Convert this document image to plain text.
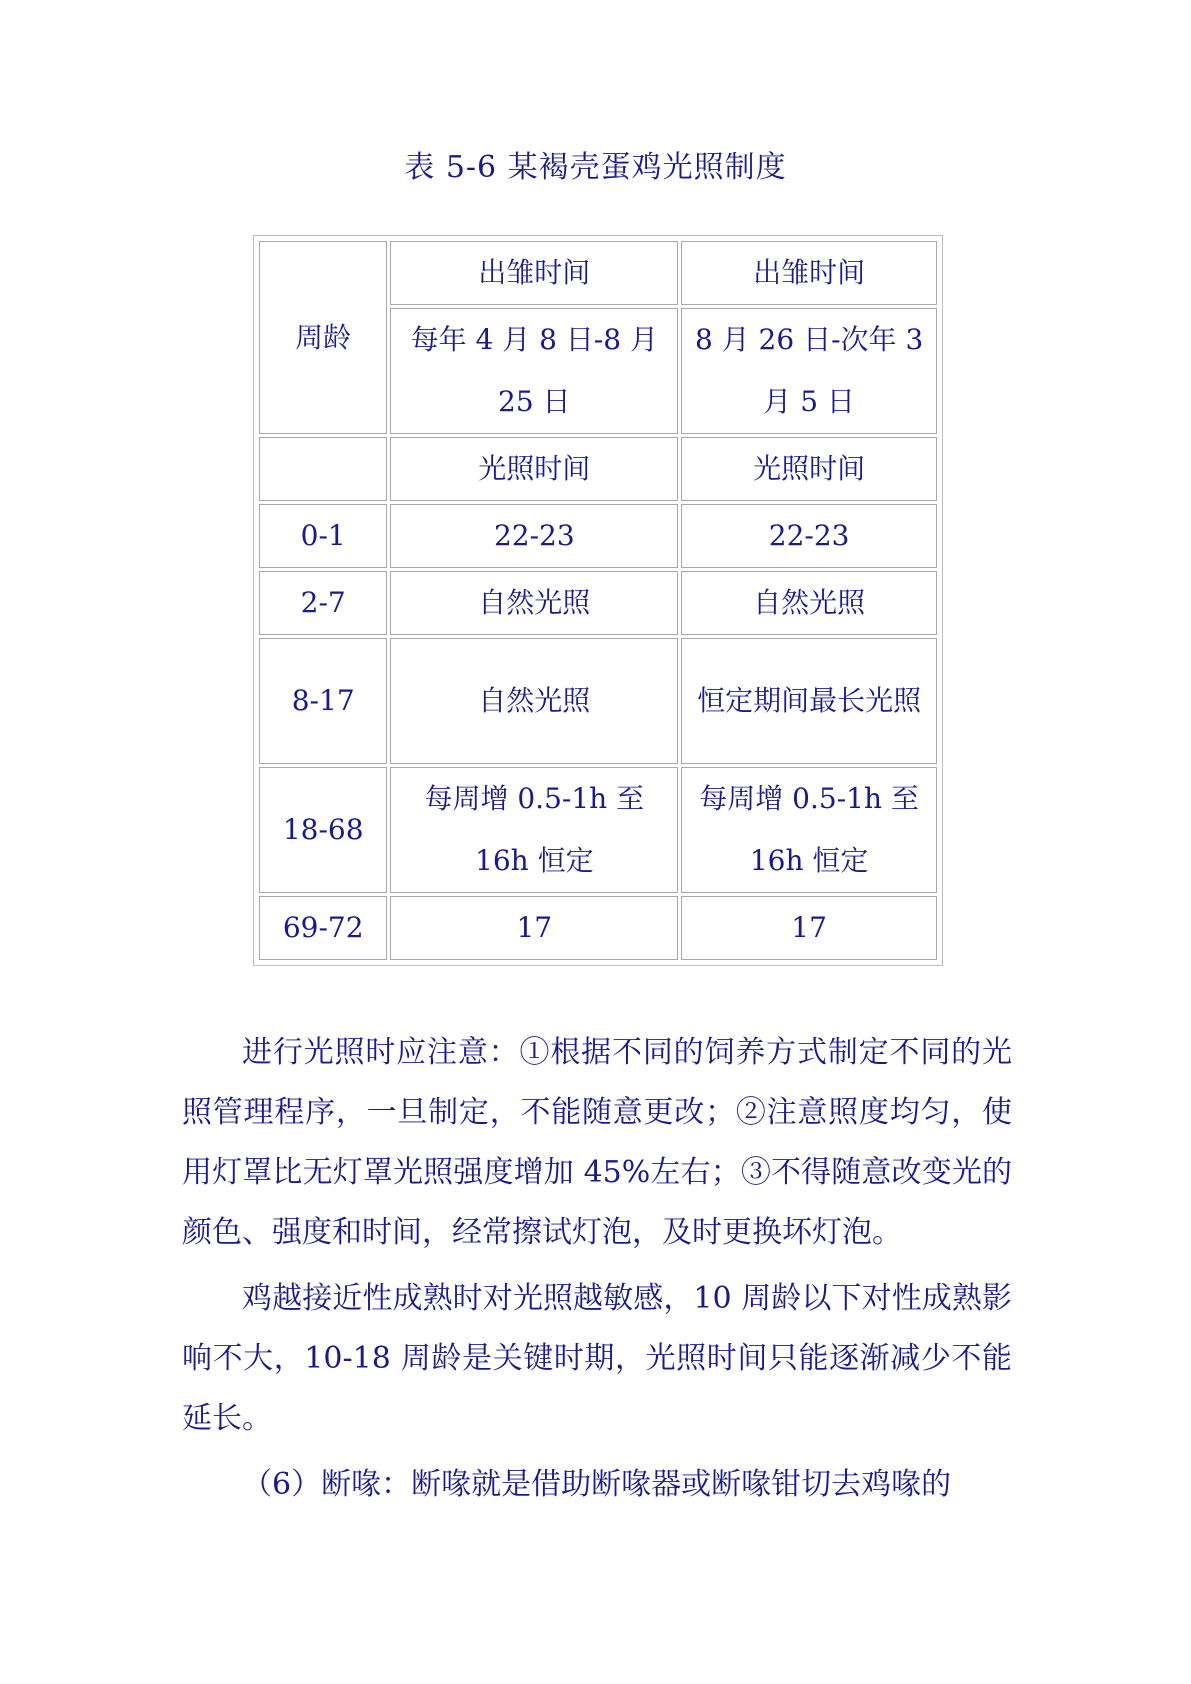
表 5-6 某褐壳蛋鸡光照制度
周龄	出雏时间	出雏时间
	每年 4 月 8 日-8 月 25 日	8 月 26 日-次年 3 月 5 日
	光照时间	光照时间
0-1	22-23	22-23
2-7	自然光照	自然光照
8-17	自然光照	恒定期间最长光照
18-68	每周增 0.5-1h 至 16h 恒定	每周增 0.5-1h 至 16h 恒定
69-72	17	17

进行光照时应注意：①根据不同的饲养方式制定不同的光照管理程序，一旦制定，不能随意更改；②注意照度均匀，使用灯罩比无灯罩光照强度增加 45%左右；③不得随意改变光的颜色、强度和时间，经常擦试灯泡，及时更换坏灯泡。

鸡越接近性成熟时对光照越敏感，10 周龄以下对性成熟影响不大，10-18 周龄是关键时期，光照时间只能逐渐减少不能延长。

（6）断喙：断喙就是借助断喙器或断喙钳切去鸡喙的
